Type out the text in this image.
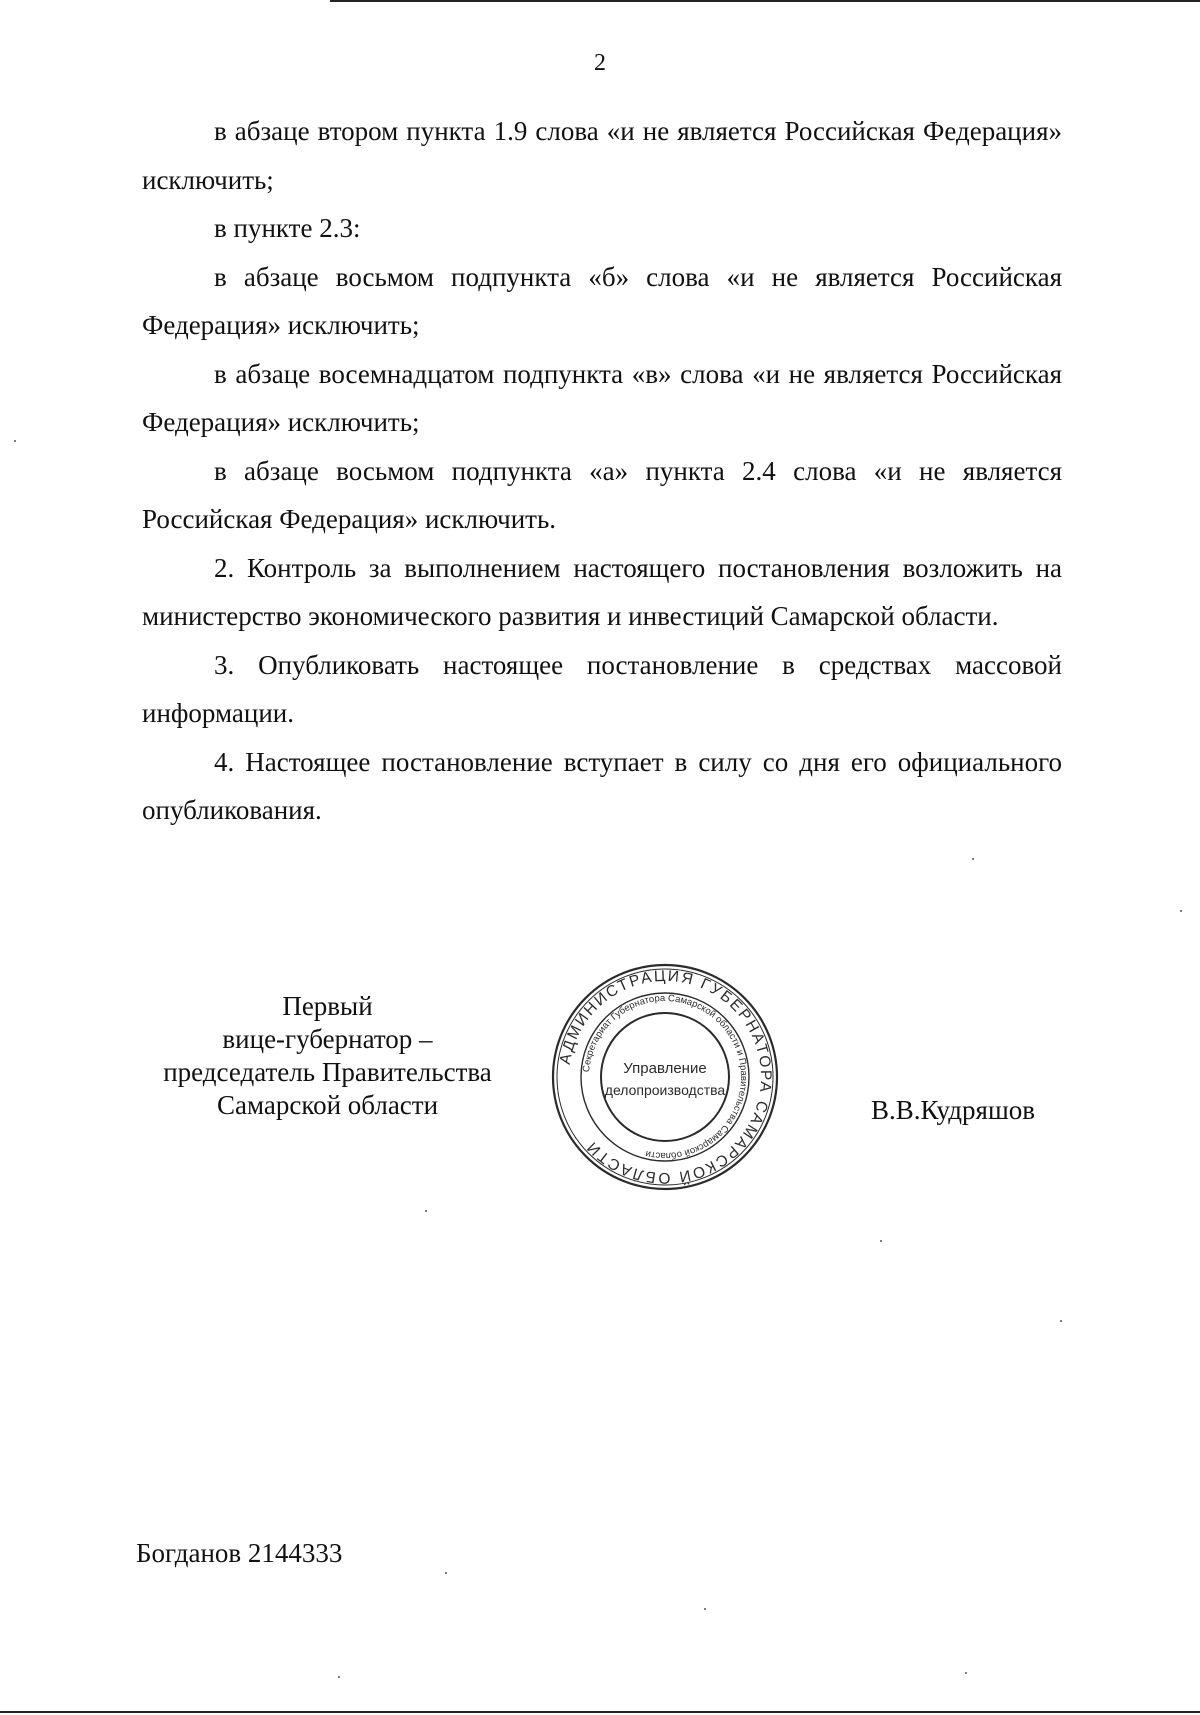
2

в абзаце втором пункта 1.9 слова «и не является Российская Федерация» исключить;

в пункте 2.3:

в абзаце восьмом подпункта «б» слова «и не является Российская Федерация» исключить;

в абзаце восемнадцатом подпункта «в» слова «и не является Российская Федерация» исключить;

в абзаце восьмом подпункта «а» пункта 2.4 слова «и не является Российская Федерация» исключить.

2. Контроль за выполнением настоящего постановления возложить на министерство экономического развития и инвестиций Самарской области.

3. Опубликовать настоящее постановление в средствах массовой информации.

4. Настоящее постановление вступает в силу со дня его официального опубликования.

Первый
вице-губернатор –
председатель Правительства
Самарской области
АДМИНИСТРАЦИЯ ГУБЕРНАТОРА САМАРСКОЙ ОБЛАСТИ
Секретариат Губернатора Самарской области и Правительства Самарской области
Управление
делопроизводства
В.В.Кудряшов
Богданов 2144333
